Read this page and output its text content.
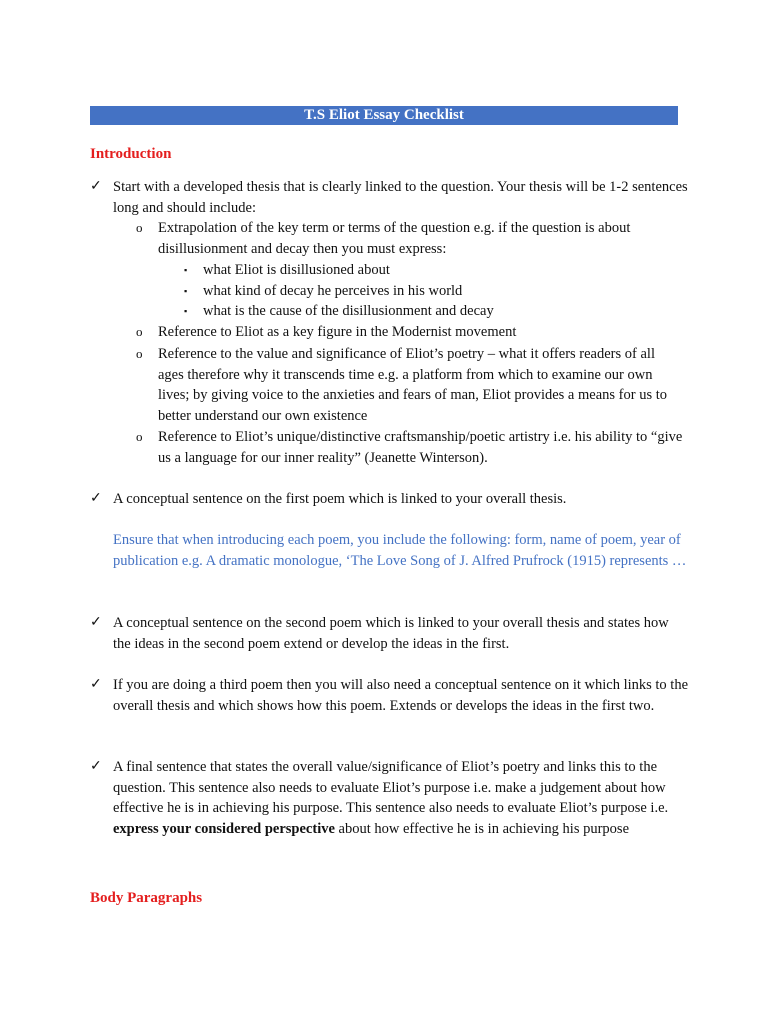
T.S Eliot Essay Checklist
Introduction
✓ Start with a developed thesis that is clearly linked to the question. Your thesis will be 1-2 sentences long and should include:
o Extrapolation of the key term or terms of the question e.g. if the question is about disillusionment and decay then you must express:
▪ what Eliot is disillusioned about
▪ what kind of decay he perceives in his world
▪ what is the cause of the disillusionment and decay
o Reference to Eliot as a key figure in the Modernist movement
o Reference to the value and significance of Eliot’s poetry – what it offers readers of all ages therefore why it transcends time e.g. a platform from which to examine our own lives; by giving voice to the anxieties and fears of man, Eliot provides a means for us to better understand our own existence
o Reference to Eliot’s unique/distinctive craftsmanship/poetic artistry i.e. his ability to “give us a language for our inner reality” (Jeanette Winterson).
✓ A conceptual sentence on the first poem which is linked to your overall thesis.
Ensure that when introducing each poem, you include the following: form, name of poem, year of publication e.g. A dramatic monologue, ‘The Love Song of J. Alfred Prufrock (1915) represents …
✓ A conceptual sentence on the second poem which is linked to your overall thesis and states how the ideas in the second poem extend or develop the ideas in the first.
✓ If you are doing a third poem then you will also need a conceptual sentence on it which links to the overall thesis and which shows how this poem. Extends or develops the ideas in the first two.
✓ A final sentence that states the overall value/significance of Eliot’s poetry and links this to the question. This sentence also needs to evaluate Eliot’s purpose i.e. make a judgement about how effective he is in achieving his purpose. This sentence also needs to evaluate Eliot’s purpose i.e. express your considered perspective about how effective he is in achieving his purpose
Body Paragraphs
